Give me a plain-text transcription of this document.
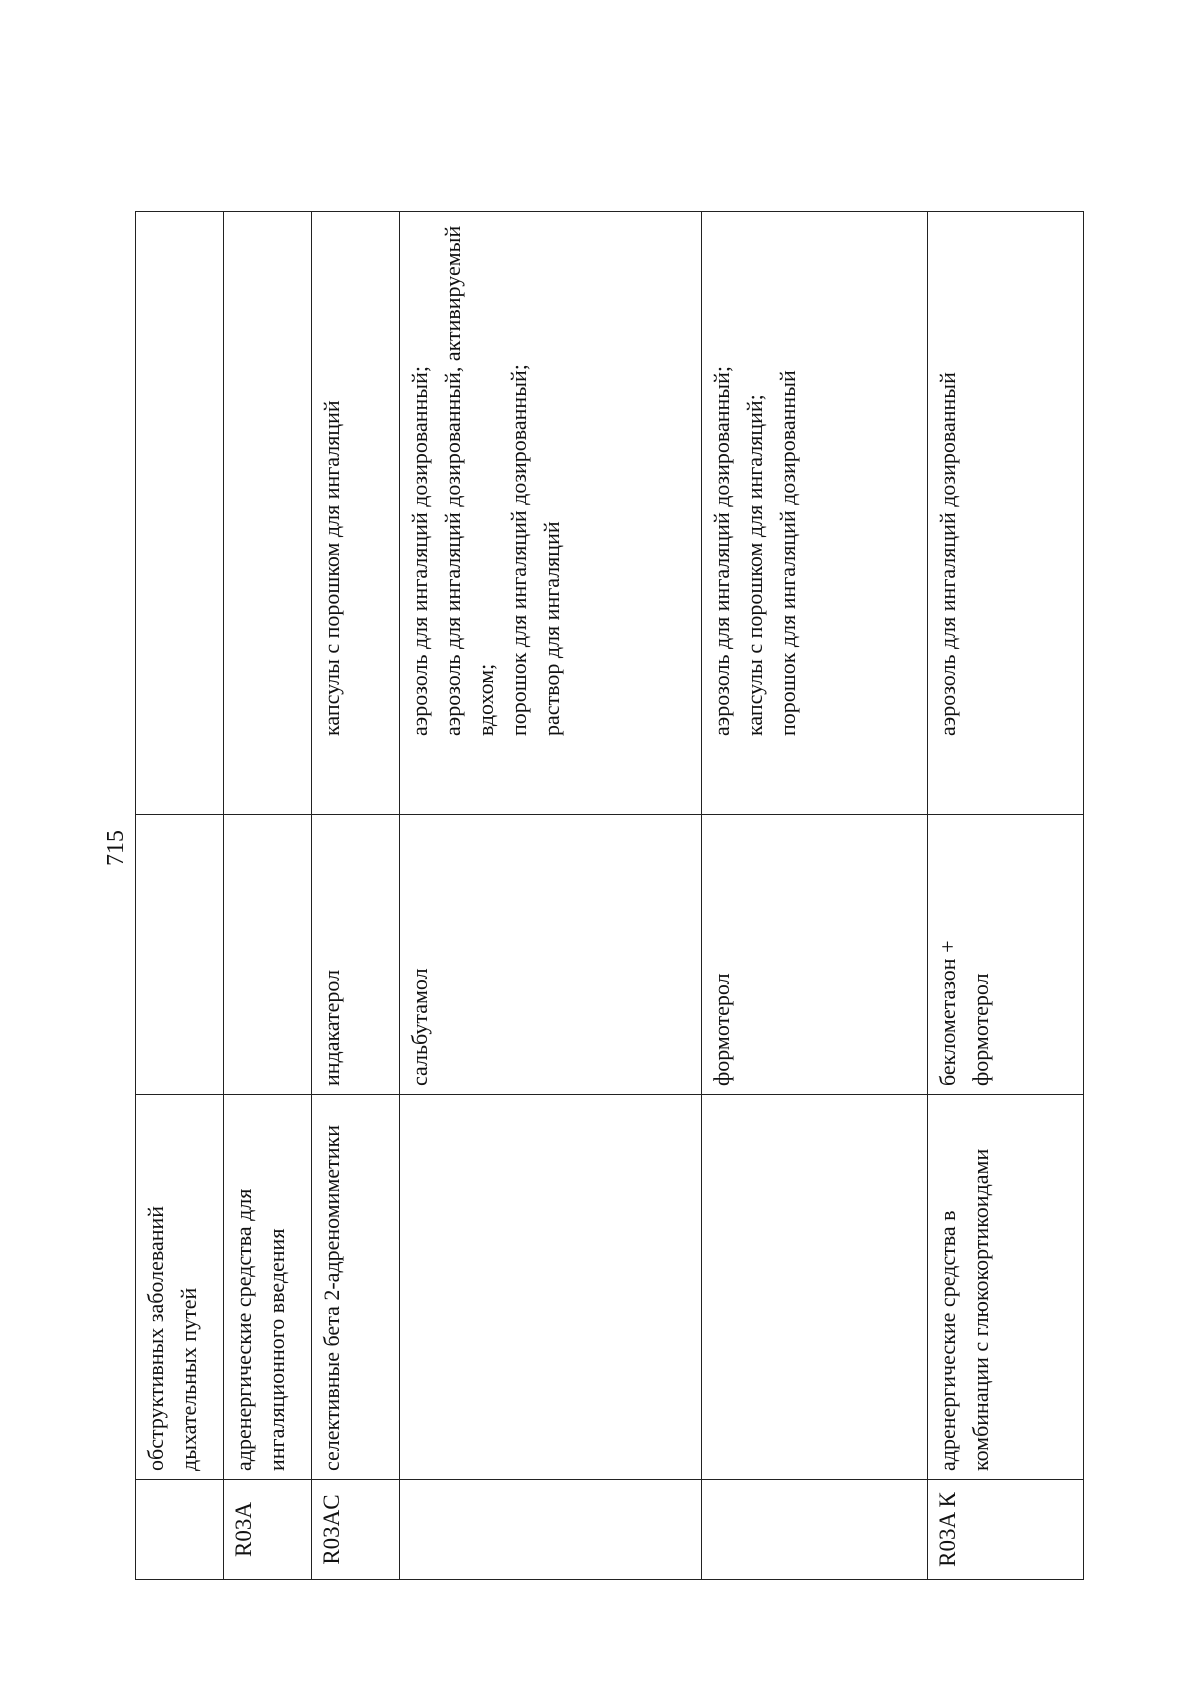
715
	обструктивных заболеваний дыхательных путей		
R03A	адренергические средства для ингаляционного введения		
R03AC	селективные бета 2-адреномиметики	индакатерол	капсулы с порошком для ингаляций

		сальбутамол	аэрозоль для ингаляций дозированный; аэрозоль для ингаляций дозированный, активируемый вдохом; порошок для ингаляций дозированный; раствор для ингаляций

		формотерол	аэрозоль для ингаляций дозированный; капсулы с порошком для ингаляций; порошок для ингаляций дозированный

R03A К	адренергические средства в комбинации с глюкокортикоидами	беклометазон + формотерол	аэрозоль для ингаляций дозированный
